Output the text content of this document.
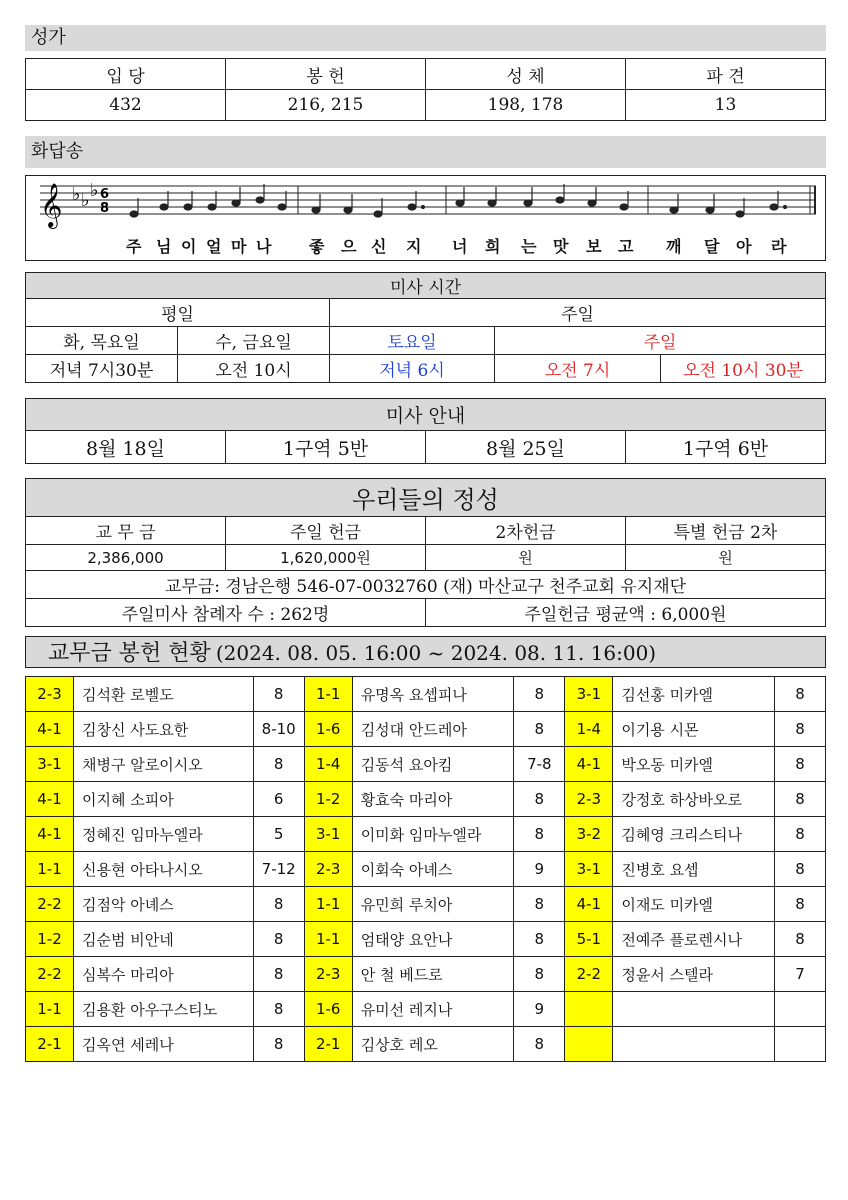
성가
입 당	봉 헌	성 체	파 견
432	216, 215	198, 178	13
화답송
𝄞 ♭ ♭ ♭ 6
8
주 님 이 얼 마 나 좋 으 신 지 너 희 는 맛 보 고 깨 달 아 라
미사 시간				
평일		주일		
화, 목요일	수, 금요일	토요일	주일	
저녁 7시30분	오전 10시	저녁 6시	오전 7시	오전 10시 30분
미사 안내
8월 18일	1구역 5반	8월 25일	1구역 6반
우리들의 정성			
교 무 금	주일 헌금	2차헌금	특별 헌금 2차
2,386,000	1,620,000원	원	원
교무금: 경남은행 546-07-0032760 (재) 마산교구 천주교회 유지재단			
주일미사 참례자 수 : 262명		주일헌금 평균액 : 6,000원	
교무금 봉헌 현황 (2024. 08. 05. 16:00 ~ 2024. 08. 11. 16:00)
2-3	김석환 로벨도	8	1-1	유명옥 요셉피나	8	3-1	김선홍 미카엘	8
4-1	김창신 사도요한	8-10	1-6	김성대 안드레아	8	1-4	이기용 시몬	8
3-1	채병구 알로이시오	8	1-4	김동석 요아킴	7-8	4-1	박오동 미카엘	8
4-1	이지혜 소피아	6	1-2	황효숙 마리아	8	2-3	강정호 하상바오로	8
4-1	정혜진 임마누엘라	5	3-1	이미화 임마누엘라	8	3-2	김혜영 크리스티나	8
1-1	신용현 아타나시오	7-12	2-3	이회숙 아녜스	9	3-1	진병호 요셉	8
2-2	김점악 아녜스	8	1-1	유민희 루치아	8	4-1	이재도 미카엘	8
1-2	김순범 비안네	8	1-1	엄태양 요안나	8	5-1	전예주 플로렌시나	8
2-2	심복수 마리아	8	2-3	안 철 베드로	8	2-2	정윤서 스텔라	7
1-1	김용환 아우구스티노	8	1-6	유미선 레지나	9			
2-1	김옥연 세레나	8	2-1	김상호 레오	8			
